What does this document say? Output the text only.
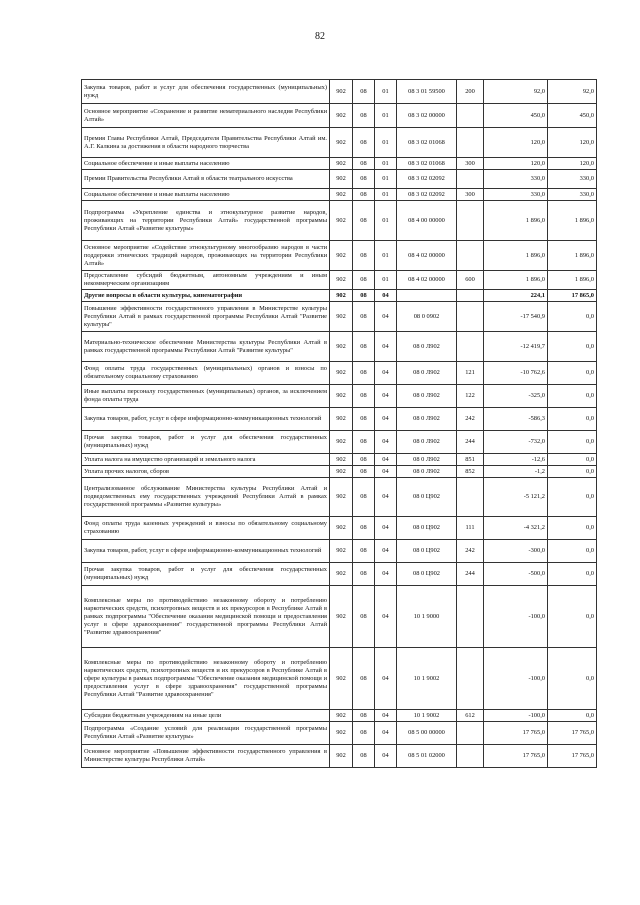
82
Закупка товаров, работ и услуг для обеспечения государственных (муниципальных) нужд	902	08	01	08 3 01 59500	200	92,0	92,0
Основное мероприятие «Сохранение и развитие нематериального наследия Республики Алтай»	902	08	01	08 3 02 00000		450,0	450,0
Премия Главы Республики Алтай, Председателя Правительства Республики Алтай им. А.Г. Калкина за достижения в области народного творчества	902	08	01	08 3 02 01068		120,0	120,0
Социальное обеспечение и иные выплаты населению	902	08	01	08 3 02 01068	300	120,0	120,0
Премии Правительства Республики Алтай в области театрального искусства	902	08	01	08 3 02 02092		330,0	330,0
Социальное обеспечение и иные выплаты населению	902	08	01	08 3 02 02092	300	330,0	330,0
Подпрограмма «Укрепление единства и этнокультурное развитие народов, проживающих на территории Республики Алтай» государственной программы Республики Алтай «Развитие культуры»	902	08	01	08 4 00 00000		1 896,0	1 896,0
Основное мероприятие «Содействие этнокультурному многообразию народов в части поддержки этнических традиций народов, проживающих на территории Республики Алтай»	902	08	01	08 4 02 00000		1 896,0	1 896,0
Предоставление субсидий бюджетным, автономным учреждениям и иным некоммерческим организациям	902	08	01	08 4 02 00000	600	1 896,0	1 896,0
Другие вопросы в области культуры, кинематографии	902	08	04			224,1	17 865,0
Повышение эффективности государственного управления в Министерстве культуры Республики Алтай в рамках государственной программы Республики Алтай "Развитие культуры"	902	08	04	08 0 0902		-17 540,9	0,0
Материально-техническое обеспечение Министерства культуры Республики Алтай в рамках государственной программы Республики Алтай "Развитие культуры"	902	08	04	08 0 Л902		-12 419,7	0,0
Фонд оплаты труда государственных (муниципальных) органов и взносы по обязательному социальному страхованию	902	08	04	08 0 Л902	121	-10 762,6	0,0
Иные выплаты персоналу государственных (муниципальных) органов, за исключением фонда оплаты труда	902	08	04	08 0 Л902	122	-325,0	0,0
Закупка товаров, работ, услуг в сфере информационно-коммуникационных технологий	902	08	04	08 0 Л902	242	-586,3	0,0
Прочая закупка товаров, работ и услуг для обеспечения государственных (муниципальных) нужд	902	08	04	08 0 Л902	244	-732,0	0,0
Уплата налога на имущество организаций и земельного налога	902	08	04	08 0 Л902	851	-12,6	0,0
Уплата прочих налогов, сборов	902	08	04	08 0 Л902	852	-1,2	0,0
Централизованное обслуживание Министерства культуры Республики Алтай и подведомственных ему государственных учреждений Республики Алтай в рамках государственной программы «Развитие культуры»	902	08	04	08 0 Ц902		-5 121,2	0,0
Фонд оплаты труда казенных учреждений и взносы по обязательному социальному страхованию	902	08	04	08 0 Ц902	111	-4 321,2	0,0
Закупка товаров, работ, услуг в сфере информационно-коммуникационных технологий	902	08	04	08 0 Ц902	242	-300,0	0,0
Прочая закупка товаров, работ и услуг для обеспечения государственных (муниципальных) нужд	902	08	04	08 0 Ц902	244	-500,0	0,0
Комплексные меры по противодействию незаконному обороту и потреблению наркотических средств, психотропных веществ и их прекурсоров в Республике Алтай в рамках подпрограммы "Обеспечение оказания медицинской помощи и предоставления услуг в сфере здравоохранения" государственной программы Республики Алтай "Развитие здравоохранения"	902	08	04	10 1 9000		-100,0	0,0
Комплексные меры по противодействию незаконному обороту и потреблению наркотических средств, психотропных веществ и их прекурсоров в Республике Алтай в сфере культуры в рамках подпрограммы "Обеспечение оказания медицинской помощи и предоставления услуг в сфере здравоохранения" государственной программы Республики Алтай "Развитие здравоохранения"	902	08	04	10 1 9002		-100,0	0,0
Субсидии бюджетным учреждениям на иные цели	902	08	04	10 1 9002	612	-100,0	0,0
Подпрограмма «Создание условий для реализации государственной программы Республики Алтай «Развитие культуры»	902	08	04	08 5 00 00000		17 765,0	17 765,0
Основное мероприятие «Повышение эффективности государственного управления в Министерстве культуры Республики Алтай»	902	08	04	08 5 01 02000		17 765,0	17 765,0
